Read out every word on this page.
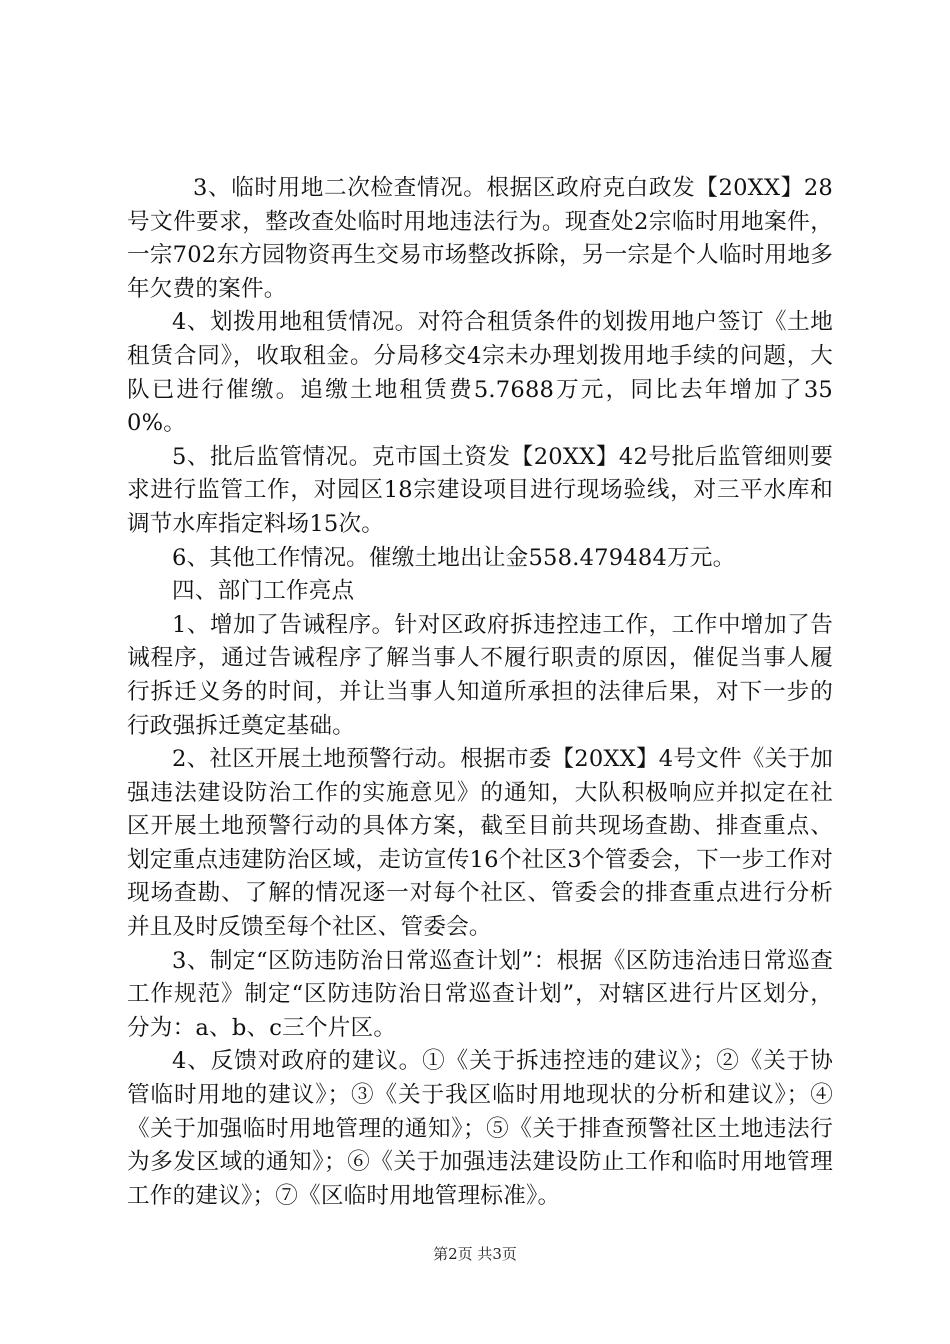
3、临时用地二次检查情况。根据区政府克白政发【20XX】28号文件要求，整改查处临时用地违法行为。现查处2宗临时用地案件，一宗702东方园物资再生交易市场整改拆除，另一宗是个人临时用地多年欠费的案件。

4、划拨用地租赁情况。对符合租赁条件的划拨用地户签订《土地租赁合同》，收取租金。分局移交4宗未办理划拨用地手续的问题，大队已进行催缴。追缴土地租赁费5.7688万元，同比去年增加了350%。

5、批后监管情况。克市国土资发【20XX】42号批后监管细则要求进行监管工作，对园区18宗建设项目进行现场验线，对三平水库和调节水库指定料场15次。

6、其他工作情况。催缴土地出让金558.479484万元。

四、部门工作亮点

1、增加了告诫程序。针对区政府拆违控违工作，工作中增加了告诫程序，通过告诫程序了解当事人不履行职责的原因，催促当事人履行拆迁义务的时间，并让当事人知道所承担的法律后果，对下一步的行政强拆迁奠定基础。

2、社区开展土地预警行动。根据市委【20XX】4号文件《关于加强违法建设防治工作的实施意见》的通知，大队积极响应并拟定在社区开展土地预警行动的具体方案，截至目前共现场查勘、排查重点、划定重点违建防治区域，走访宣传16个社区3个管委会，下一步工作对现场查勘、了解的情况逐一对每个社区、管委会的排查重点进行分析并且及时反馈至每个社区、管委会。

3、制定“区防违防治日常巡查计划”：根据《区防违治违日常巡查工作规范》制定“区防违防治日常巡查计划”，对辖区进行片区划分，分为：a、b、c三个片区。

4、反馈对政府的建议。①《关于拆违控违的建议》；②《关于协管临时用地的建议》；③《关于我区临时用地现状的分析和建议》；④《关于加强临时用地管理的通知》；⑤《关于排查预警社区土地违法行为多发区域的通知》；⑥《关于加强违法建设防止工作和临时用地管理工作的建议》；⑦《区临时用地管理标准》。

第2页 共3页
